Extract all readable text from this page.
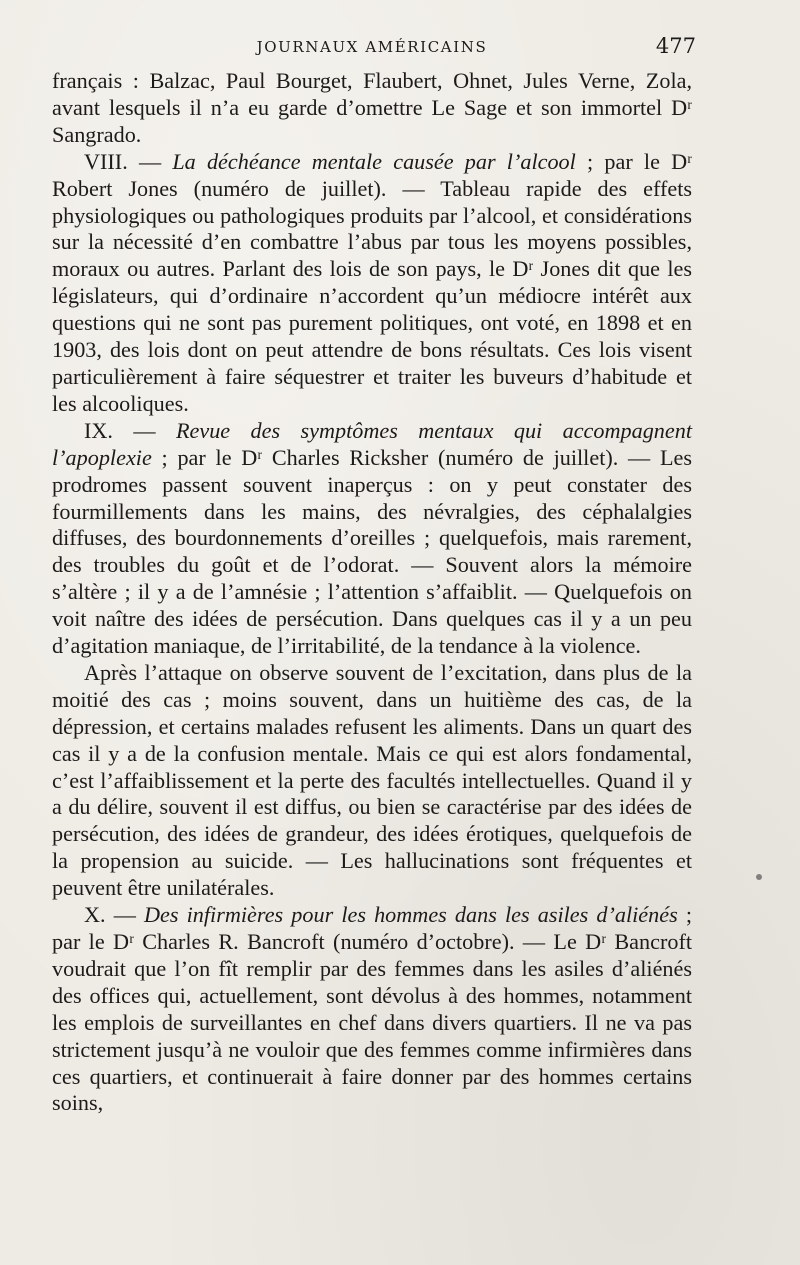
JOURNAUX AMÉRICAINS	477

français : Balzac, Paul Bourget, Flaubert, Ohnet, Jules Verne, Zola, avant lesquels il n’a eu garde d’omettre Le Sage et son immortel Dʳ Sangrado.

VIII. — La déchéance mentale causée par l’alcool ; par le Dʳ Robert Jones (numéro de juillet). — Tableau rapide des effets physiologiques ou pathologiques produits par l’alcool, et considérations sur la nécessité d’en combattre l’abus par tous les moyens possibles, moraux ou autres. Parlant des lois de son pays, le Dʳ Jones dit que les législateurs, qui d’ordinaire n’accordent qu’un médiocre intérêt aux questions qui ne sont pas purement politiques, ont voté, en 1898 et en 1903, des lois dont on peut attendre de bons résultats. Ces lois visent particulièrement à faire séquestrer et traiter les buveurs d’habitude et les alcooliques.

IX. — Revue des symptômes mentaux qui accompagnent l’apoplexie ; par le Dʳ Charles Ricksher (numéro de juillet). — Les prodromes passent souvent inaperçus : on y peut constater des fourmillements dans les mains, des névralgies, des céphalalgies diffuses, des bourdonnements d’oreilles ; quelquefois, mais rarement, des troubles du goût et de l’odorat. — Souvent alors la mémoire s’altère ; il y a de l’amnésie ; l’attention s’affaiblit. — Quelquefois on voit naître des idées de persécution. Dans quelques cas il y a un peu d’agitation maniaque, de l’irritabilité, de la tendance à la violence.

Après l’attaque on observe souvent de l’excitation, dans plus de la moitié des cas ; moins souvent, dans un huitième des cas, de la dépression, et certains malades refusent les aliments. Dans un quart des cas il y a de la confusion mentale. Mais ce qui est alors fondamental, c’est l’affaiblissement et la perte des facultés intellectuelles. Quand il y a du délire, souvent il est diffus, ou bien se caractérise par des idées de persécution, des idées de grandeur, des idées érotiques, quelquefois de la propension au suicide. — Les hallucinations sont fréquentes et peuvent être unilatérales.

X. — Des infirmières pour les hommes dans les asiles d’aliénés ; par le Dʳ Charles R. Bancroft (numéro d’octobre). — Le Dʳ Bancroft voudrait que l’on fît remplir par des femmes dans les asiles d’aliénés des offices qui, actuellement, sont dévolus à des hommes, notamment les emplois de surveillantes en chef dans divers quartiers. Il ne va pas strictement jusqu’à ne vouloir que des femmes comme infirmières dans ces quartiers, et continuerait à faire donner par des hommes certains soins,
